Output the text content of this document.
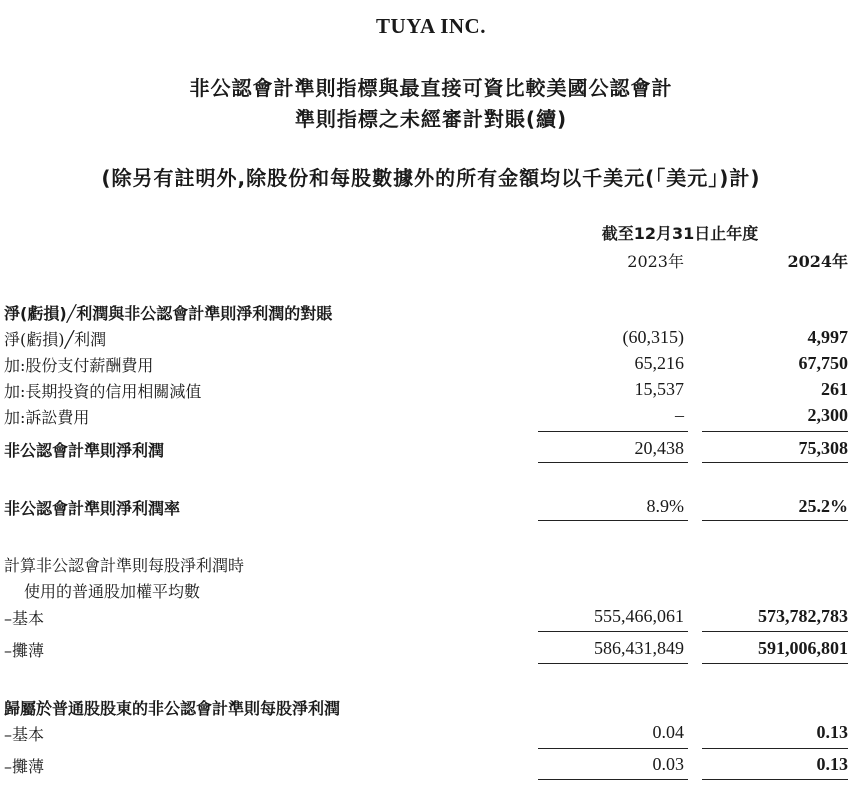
TUYA INC.
非公認會計準則指標與最直接可資比較美國公認會計
準則指標之未經審計對賬(續)
(除另有註明外,除股份和每股數據外的所有金額均以千美元(「美元」)計)
截至12月31日止年度
2023年	2024年
淨(虧損)╱利潤與非公認會計準則淨利潤的對賬
淨(虧損)╱利潤	(60,315)	4,997
加:股份支付薪酬費用	65,216	67,750
加:長期投資的信用相關減值	15,537	261
加:訴訟費用	–	2,300
非公認會計準則淨利潤	20,438	75,308
非公認會計準則淨利潤率	8.9%	25.2%
計算非公認會計準則每股淨利潤時
使用的普通股加權平均數
–基本	555,466,061	573,782,783
–攤薄	586,431,849	591,006,801
歸屬於普通股股東的非公認會計準則每股淨利潤
–基本	0.04	0.13
–攤薄	0.03	0.13
